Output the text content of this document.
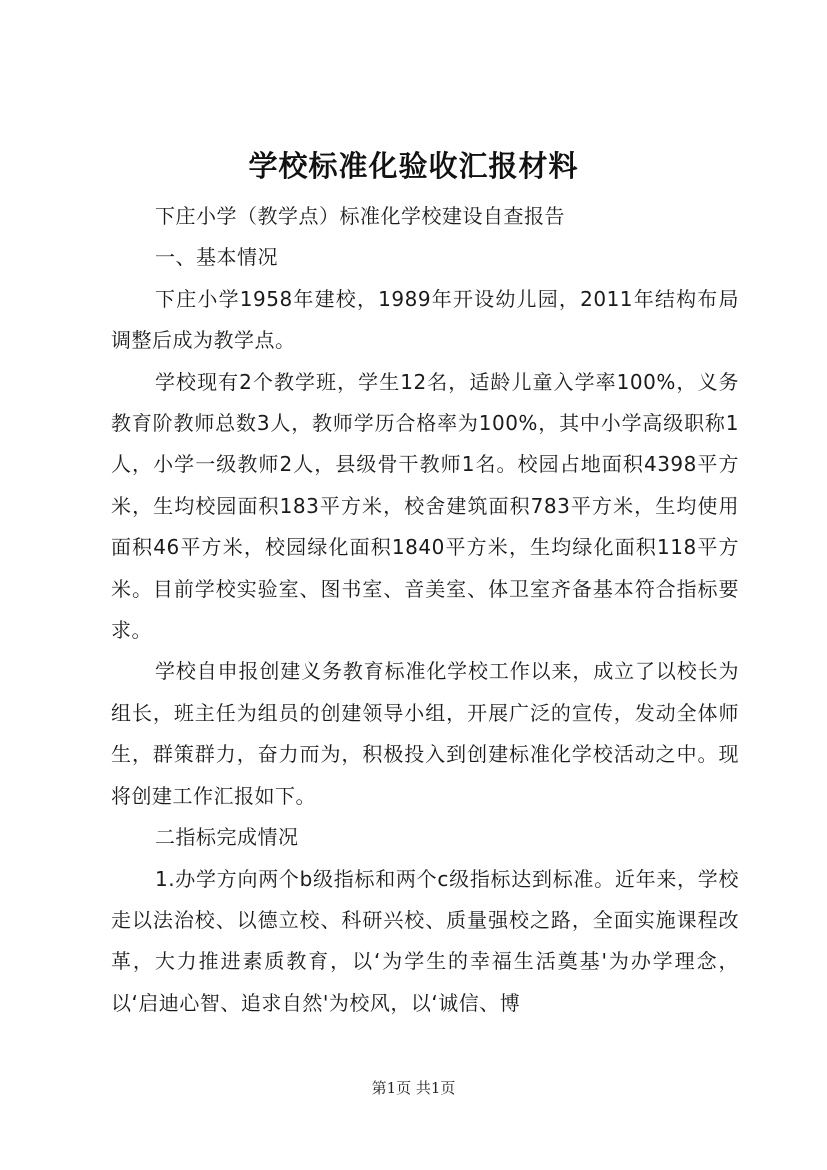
学校标准化验收汇报材料

下庄小学（教学点）标准化学校建设自查报告

一、基本情况

下庄小学1958年建校，1989年开设幼儿园，2011年结构布局调整后成为教学点。

学校现有2个教学班，学生12名，适龄儿童入学率100%，义务教育阶教师总数3人，教师学历合格率为100%，其中小学高级职称1人，小学一级教师2人，县级骨干教师1名。校园占地面积4398平方米，生均校园面积183平方米，校舍建筑面积783平方米，生均使用面积46平方米，校园绿化面积1840平方米，生均绿化面积118平方米。目前学校实验室、图书室、音美室、体卫室齐备基本符合指标要求。

学校自申报创建义务教育标准化学校工作以来，成立了以校长为组长，班主任为组员的创建领导小组，开展广泛的宣传，发动全体师生，群策群力，奋力而为，积极投入到创建标准化学校活动之中。现将创建工作汇报如下。

二指标完成情况

1.办学方向两个b级指标和两个c级指标达到标准。近年来，学校走以法治校、以德立校、科研兴校、质量强校之路，全面实施课程改革，大力推进素质教育，以‘为学生的幸福生活奠基'为办学理念，以‘启迪心智、追求自然'为校风，以‘诚信、博

第1页 共1页
